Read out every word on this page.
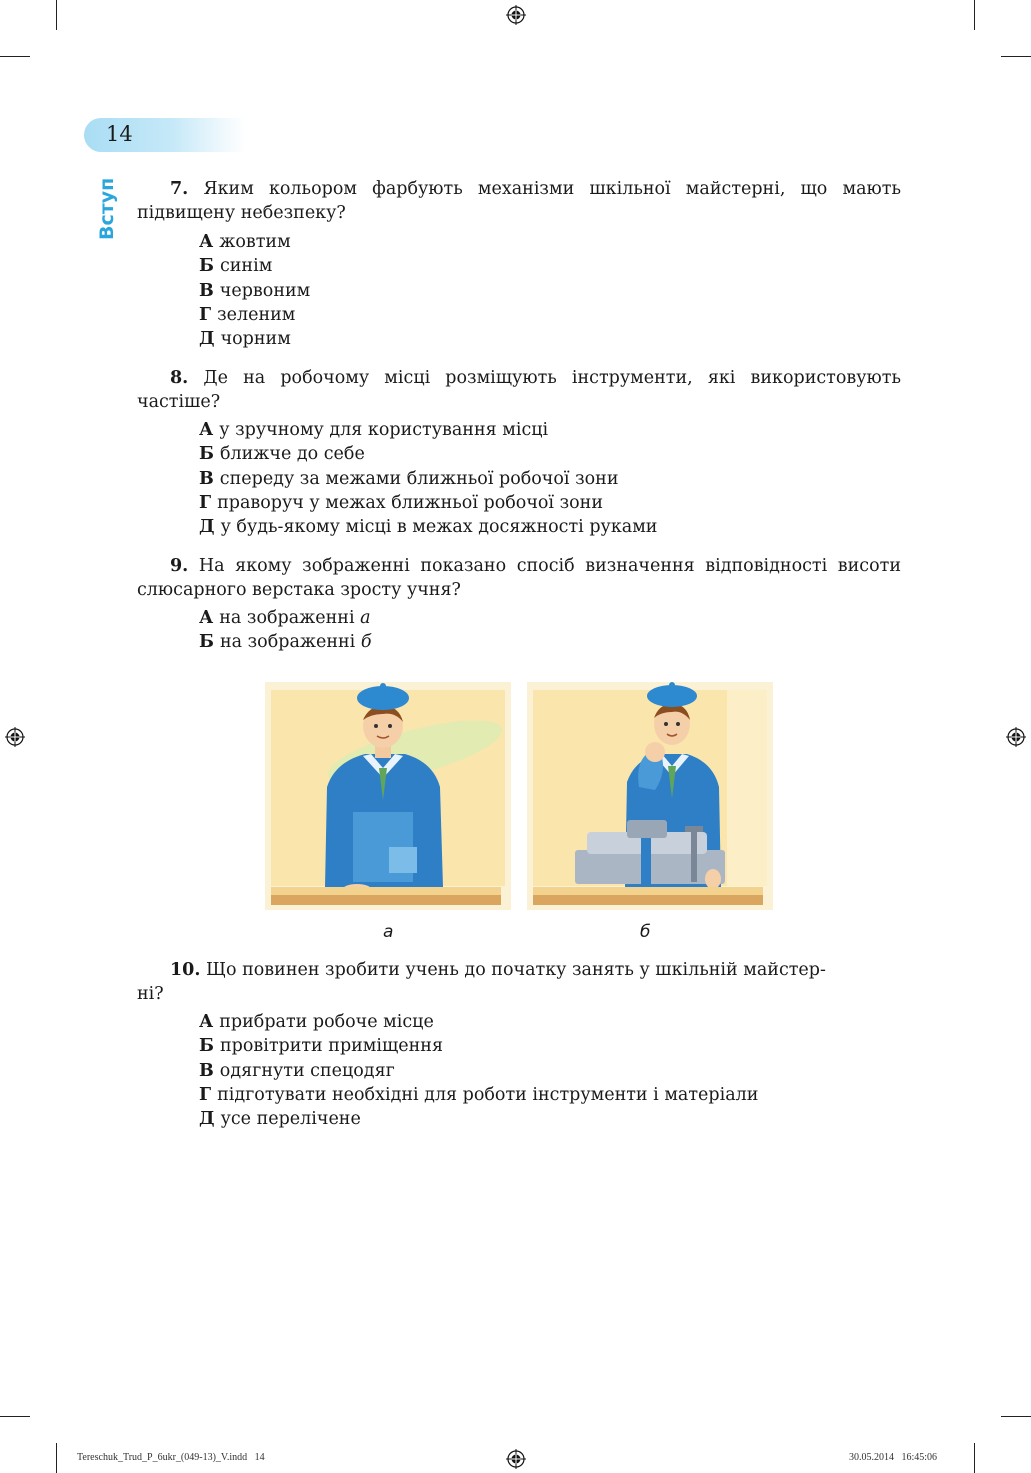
14
Вступ	7. Яким кольором фарбують механізми шкільної майстерні, що мають підвищену небезпеку?

А жовтим
Б синім
В червоним
Г зеленим
Д чорним

8. Де на робочому місці розміщують інструменти, які використовують частіше?

А у зручному для користування місці
Б ближче до себе
В спереду за межами ближньої робочої зони
Г праворуч у межах ближньої робочої зони
Д у будь-якому місці в межах досяжності руками

9. На якому зображенні показано спосіб визначення відповідності висоти слюсарного верстака зросту учня?

А на зображенні а
Б на зображенні б
а	б

10. Що повинен зробити учень до початку занять у шкільній майстер-

ні?
А прибрати робоче місце
Б провітрити приміщення
В одягнути спецодяг
Г підготувати необхідні для роботи інструменти і матеріали
Д усе перелічене
Tereschuk_Trud_P_6ukr_(049-13)_V.indd   14	30.05.2014   16:45:06
